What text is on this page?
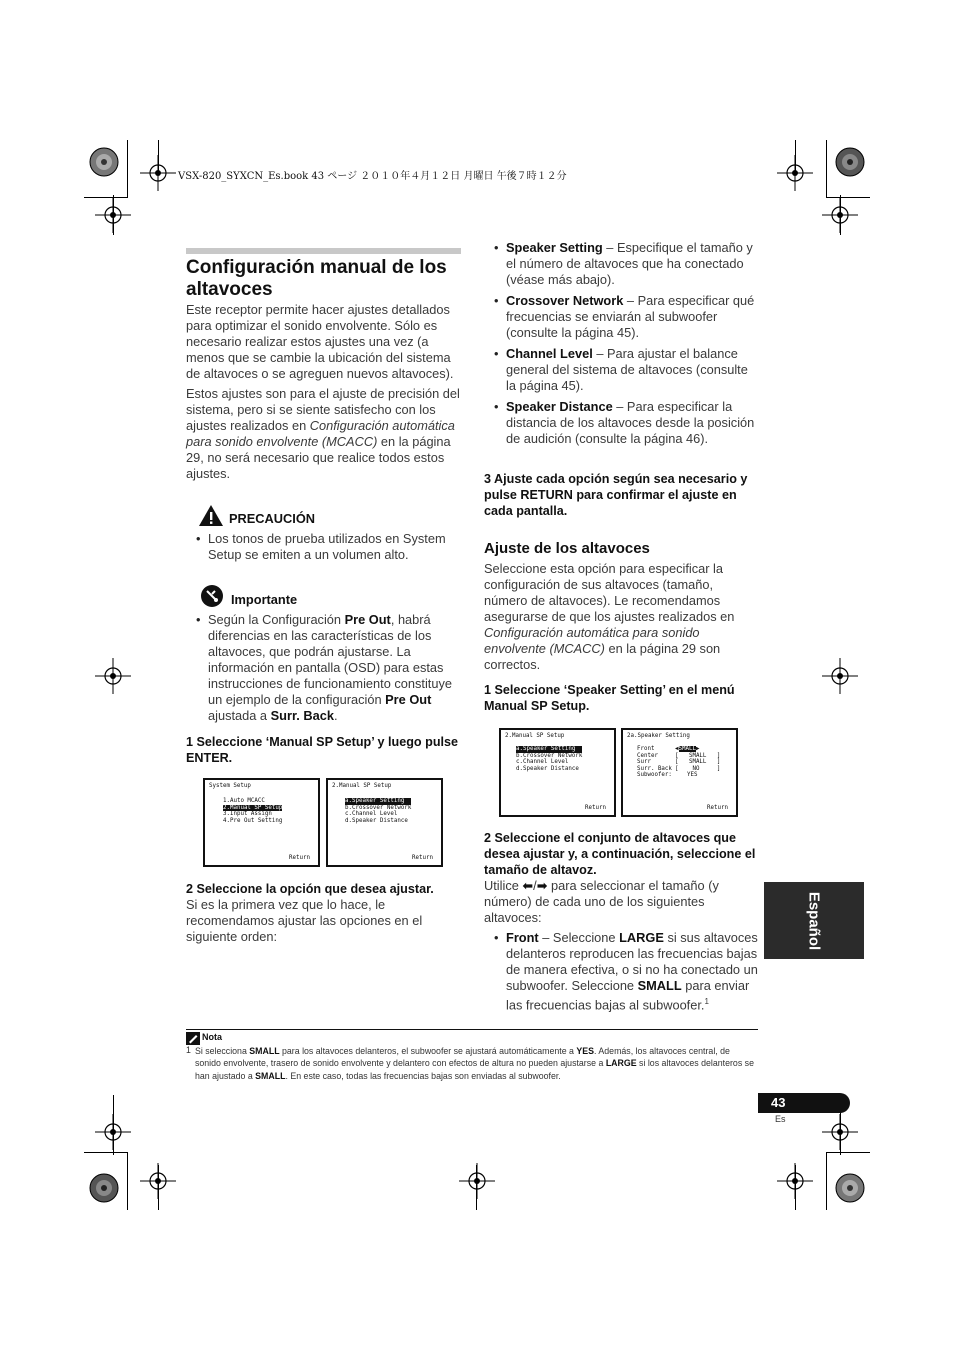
VSX-820_SYXCN_Es.book 43 ページ ２０１０年４月１２日 月曜日 午後７時１２分
Configuración manual de los altavoces

Este receptor permite hacer ajustes detallados para optimizar el sonido envolvente. Sólo es necesario realizar estos ajustes una vez (a menos que se cambie la ubicación del sistema de altavoces o se agreguen nuevos altavoces).

Estos ajustes son para el ajuste de precisión del sistema, pero si se siente satisfecho con los ajustes realizados en Configuración automática para sonido envolvente (MCACC) en la página 29, no será necesario que realice todos estos ajustes.

PRECAUCIÓN
• Los tonos de prueba utilizados en System Setup se emiten a un volumen alto.
Importante
• Según la Configuración Pre Out, habrá diferencias en las características de los altavoces, que podrán ajustarse. La información en pantalla (OSD) para estas instrucciones de funcionamiento constituye un ejemplo de la configuración Pre Out ajustada a Surr. Back.
1 Seleccione ‘Manual SP Setup’ y luego pulse ENTER.
System Setup
1.Auto MCACC
2.Manual SP Setup
3.Input Assign
4.Pre Out Setting
Return
2.Manual SP Setup
a.Speaker Setting
b.Crossover Network
c.Channel Level
d.Speaker Distance
Return
2 Seleccione la opción que desea ajustar.
Si es la primera vez que lo hace, le recomendamos ajustar las opciones en el siguiente orden:
• Speaker Setting – Especifique el tamaño y el número de altavoces que ha conectado (véase más abajo).
• Crossover Network – Para especificar qué frecuencias se enviarán al subwoofer (consulte la página 45).
• Channel Level – Para ajustar el balance general del sistema de altavoces (consulte la página 45).
• Speaker Distance – Para especificar la distancia de los altavoces desde la posición de audición (consulte la página 46).
3 Ajuste cada opción según sea necesario y pulse RETURN para confirmar el ajuste en cada pantalla.
Ajuste de los altavoces

Seleccione esta opción para especificar la configuración de sus altavoces (tamaño, número de altavoces). Le recomendamos asegurarse de que los ajustes realizados en Configuración automática para sonido envolvente (MCACC) en la página 29 son correctos.

1 Seleccione ‘Speaker Setting’ en el menú Manual SP Setup.
2.Manual SP Setup
a.Speaker Setting
b.Crossover Network
c.Channel Level
d.Speaker Distance
Return
2a.Speaker Setting
Front	◀SMALL▶
Center	[   SMALL   ]
Surr	[   SMALL   ]
Surr. Back [    NO     ]
Subwoofer:	YES
Return
2 Seleccione el conjunto de altavoces que desea ajustar y, a continuación, seleccione el tamaño de altavoz.

Utilice ⬅/➡ para seleccionar el tamaño (y número) de cada uno de los siguientes altavoces:

• Front – Seleccione LARGE si sus altavoces delanteros reproducen las frecuencias bajas de manera efectiva, o si no ha conectado un subwoofer. Seleccione SMALL para enviar las frecuencias bajas al subwoofer.$^1$
Nota
1 Si selecciona SMALL para los altavoces delanteros, el subwoofer se ajustará automáticamente a YES. Además, los altavoces central, de sonido envolvente, trasero de sonido envolvente y delantero con efectos de altura no pueden ajustarse a LARGE si los altavoces delanteros se han ajustado a SMALL. En este caso, todas las frecuencias bajas son enviadas al subwoofer.
Español
43
Es
